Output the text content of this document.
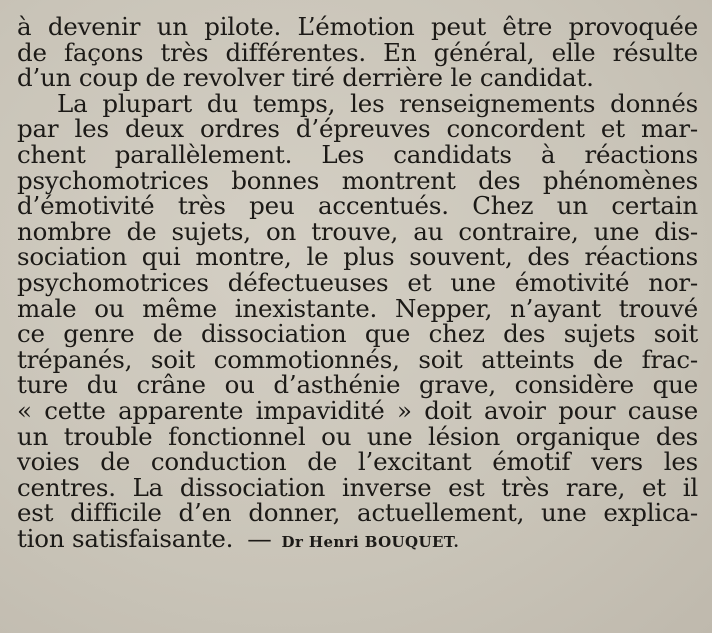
à devenir un pilote. L’émotion peut être provoquée
de façons très différentes. En général, elle résulte
d’un coup de revolver tiré derrière le candidat.
La plupart du temps, les renseignements donnés
par les deux ordres d’épreuves concordent et mar-
chent parallèlement. Les candidats à réactions
psychomotrices bonnes montrent des phénomènes
d’émotivité très peu accentués. Chez un certain
nombre de sujets, on trouve, au contraire, une dis-
sociation qui montre, le plus souvent, des réactions
psychomotrices défectueuses et une émotivité nor-
male ou même inexistante. Nepper, n’ayant trouvé
ce genre de dissociation que chez des sujets soit
trépanés, soit commotionnés, soit atteints de frac-
ture du crâne ou d’asthénie grave, considère que
« cette apparente impavidité » doit avoir pour cause
un trouble fonctionnel ou une lésion organique des
voies de conduction de l’excitant émotif vers les
centres. La dissociation inverse est très rare, et il
est difficile d’en donner, actuellement, une explica-
tion satisfaisante. — Dr Henri BOUQUET.
